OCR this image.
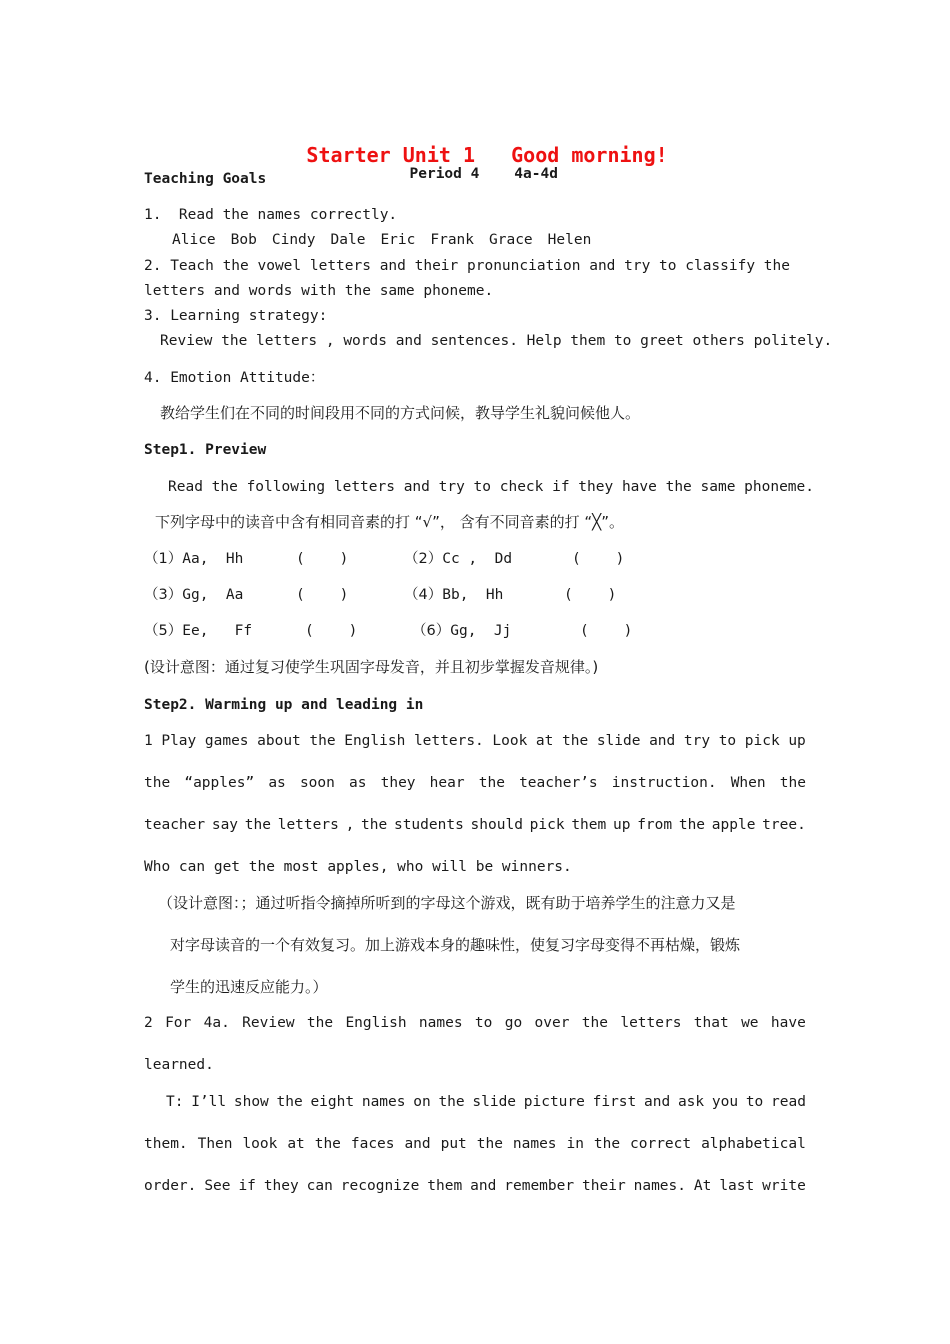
Starter Unit 1 Good morning!

Period 4 4a-4d

Teaching Goals
1.  Read the names correctly.
Alice Bob Cindy Dale Eric Frank Grace Helen
2. Teach the vowel letters and their pronunciation and try to classify the
letters and words with the same phoneme.
3. Learning strategy:
Review the letters , words and sentences. Help them to greet others politely.
4. Emotion Attitude：
教给学生们在不同的时间段用不同的方式问候，教导学生礼貌问候他人。
Step1. Preview
Read the following letters and try to check if they have the same phoneme.
下列字母中的读音中含有相同音素的打 “√”， 含有不同音素的打 “╳”。
（1）Aa,  Hh	(    )	（2）Cc ,  Dd	(    )
（3）Gg,  Aa	(    )	（4）Bb,  Hh	(    )
（5）Ee,   Ff	(    )	（6）Gg,  Jj	(    )
(设计意图：通过复习使学生巩固字母发音，并且初步掌握发音规律。)
Step2. Warming up and leading in
1 Play games about the English letters. Look at the slide and try to pick up
the “apples” as soon as they hear the teacher’s instruction. When the
teacher say the letters , the students should pick them up from the apple tree.
Who can get the most apples, who will be winners.
（设计意图：；通过听指令摘掉所听到的字母这个游戏，既有助于培养学生的注意力又是
对字母读音的一个有效复习。加上游戏本身的趣味性，使复习字母变得不再枯燥，锻炼
学生的迅速反应能力。）
2 For 4a. Review the English names to go over the letters that we have
learned.
T: I’ll show the eight names on the slide picture first and ask you to read
them. Then look at the faces and put the names in the correct alphabetical
order. See if they can recognize them and remember their names. At last write
